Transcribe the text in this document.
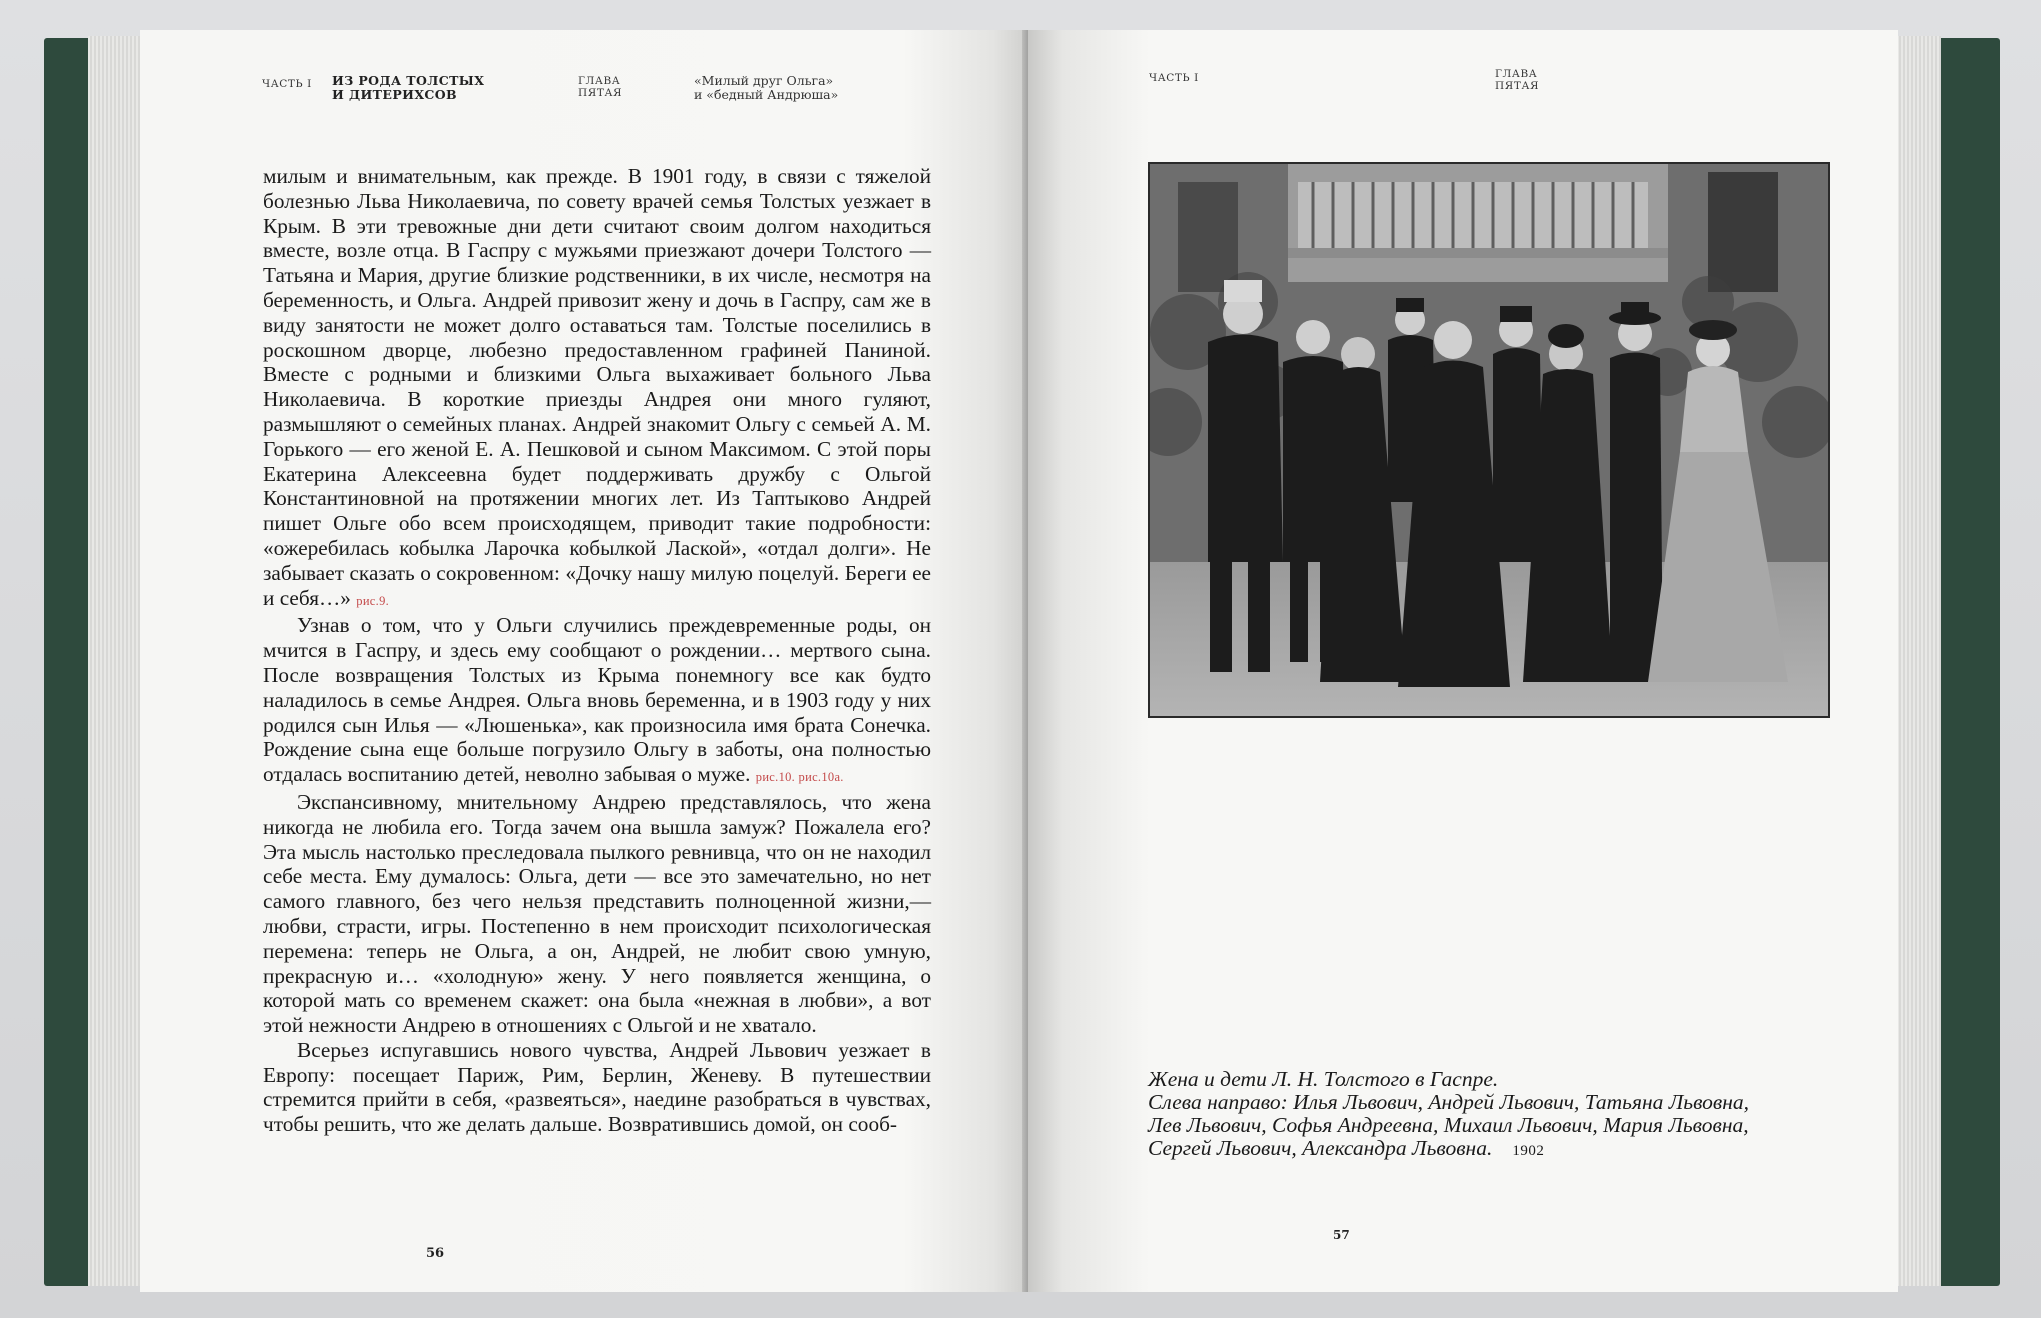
ЧАСТЬ I ИЗ РОДА ТОЛСТЫХ
И ДИТЕРИХСОВ
ГЛАВА
ПЯТАЯ
«Милый друг Ольга»
и «бедный Андрюша»

милым и внимательным, как прежде. В 1901 году, в связи с тяжелой болезнью Льва Николаевича, по совету врачей семья Толстых уезжает в Крым. В эти тревожные дни дети считают своим долгом находиться вместе, возле отца. В Гаспру с мужьями приезжают дочери Толстого — Татьяна и Мария, другие близкие родственники, в их числе, несмотря на беременность, и Ольга. Андрей привозит жену и дочь в Гаспру, сам же в виду занятости не может долго оставаться там. Толстые поселились в роскошном дворце, любезно предоставленном графиней Паниной. Вместе с родными и близкими Ольга выхаживает больного Льва Николаевича. В короткие приезды Андрея они много гуляют, размышляют о семейных планах. Андрей знакомит Ольгу с семьей А. М. Горького — его женой Е. А. Пешковой и сыном Максимом. С этой поры Екатерина Алексеевна будет поддерживать дружбу с Ольгой Константиновной на протяжении многих лет. Из Таптыково Андрей пишет Ольге обо всем происходящем, приводит такие подробности: «ожеребилась кобылка Ларочка кобылкой Лаской», «отдал долги». Не забывает сказать о сокровенном: «Дочку нашу милую поцелуй. Береги ее и себя…» рис.9.

Узнав о том, что у Ольги случились преждевременные роды, он мчится в Гаспру, и здесь ему сообщают о рождении… мертвого сына. После возвращения Толстых из Крыма понемногу все как будто наладилось в семье Андрея. Ольга вновь беременна, и в 1903 году у них родился сын Илья — «Люшенька», как произносила имя брата Сонечка. Рождение сына еще больше погрузило Ольгу в заботы, она полностью отдалась воспитанию детей, неволно забывая о муже. рис.10. рис.10а.

Экспансивному, мнительному Андрею представлялось, что жена никогда не любила его. Тогда зачем она вышла замуж? Пожалела его? Эта мысль настолько преследовала пылкого ревнивца, что он не находил себе места. Ему думалось: Ольга, дети — все это замечательно, но нет самого главного, без чего нельзя представить полноценной жизни,— любви, страсти, игры. Постепенно в нем происходит психологическая перемена: теперь не Ольга, а он, Андрей, не любит свою умную, прекрасную и… «холодную» жену. У него появляется женщина, о которой мать со временем скажет: она была «нежная в любви», а вот этой нежности Андрею в отношениях с Ольгой и не хватало.

Всерьез испугавшись нового чувства, Андрей Львович уезжает в Европу: посещает Париж, Рим, Берлин, Женеву. В путешествии стремится прийти в себя, «развеяться», наедине разобраться в чувствах, чтобы решить, что же делать дальше. Возвратившись домой, он сооб-

56
ЧАСТЬ I	ГЛАВА
ПЯТАЯ
Жена и дети Л. Н. Толстого в Гаспре.
Слева направо: Илья Львович, Андрей Львович, Татьяна Львовна,
Лев Львович, Софья Андреевна, Михаил Львович, Мария Львовна,
Сергей Львович, Александра Львовна. 1902
57
